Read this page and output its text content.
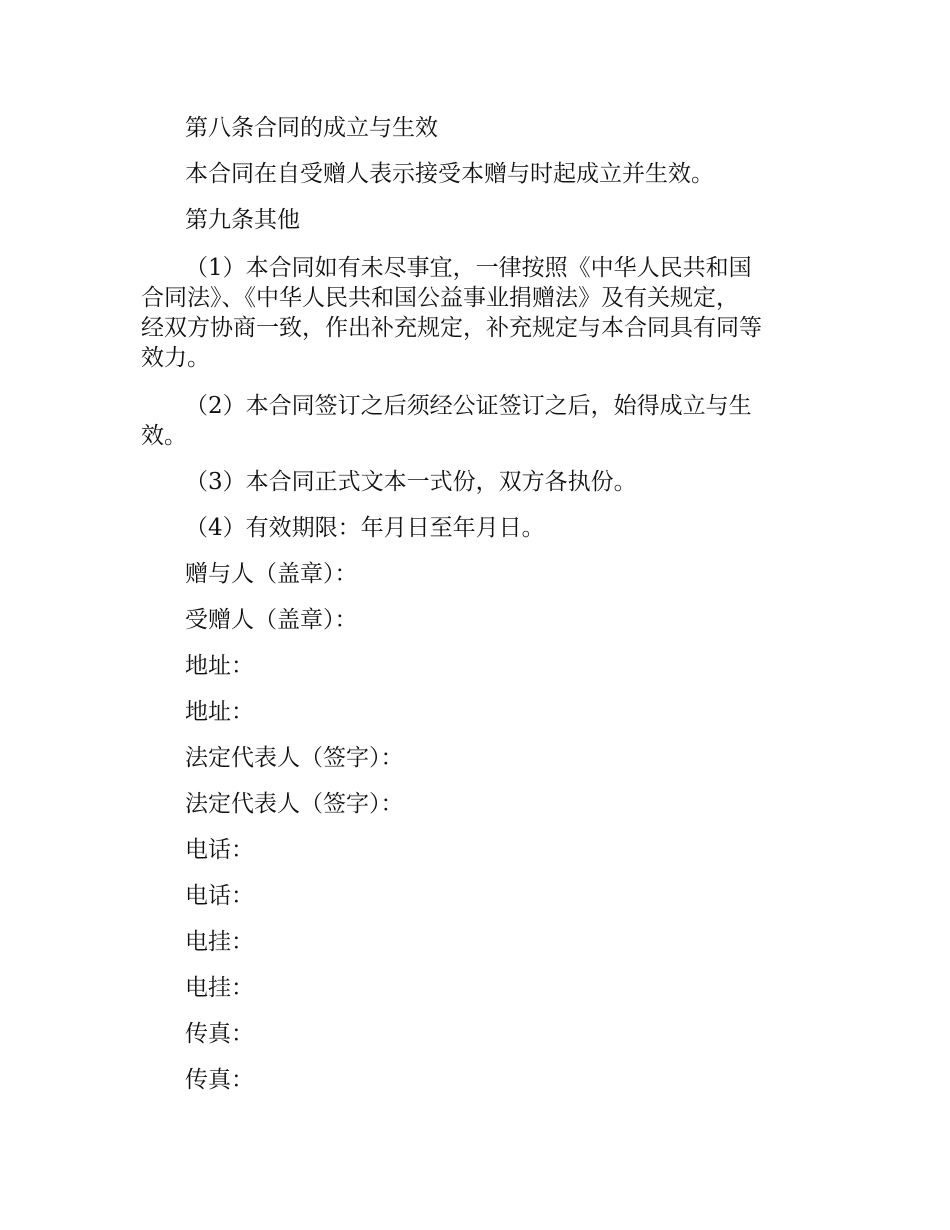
第八条合同的成立与生效
本合同在自受赠人表示接受本赠与时起成立并生效。
第九条其他
（1）本合同如有未尽事宜，一律按照《中华人民共和国
合同法》、《中华人民共和国公益事业捐赠法》及有关规定，
经双方协商一致，作出补充规定，补充规定与本合同具有同等
效力。
（2）本合同签订之后须经公证签订之后，始得成立与生
效。
（3）本合同正式文本一式份，双方各执份。
（4）有效期限：年月日至年月日。
赠与人（盖章）：
受赠人（盖章）：
地址：
地址：
法定代表人（签字）：
法定代表人（签字）：
电话：
电话：
电挂：
电挂：
传真：
传真：
